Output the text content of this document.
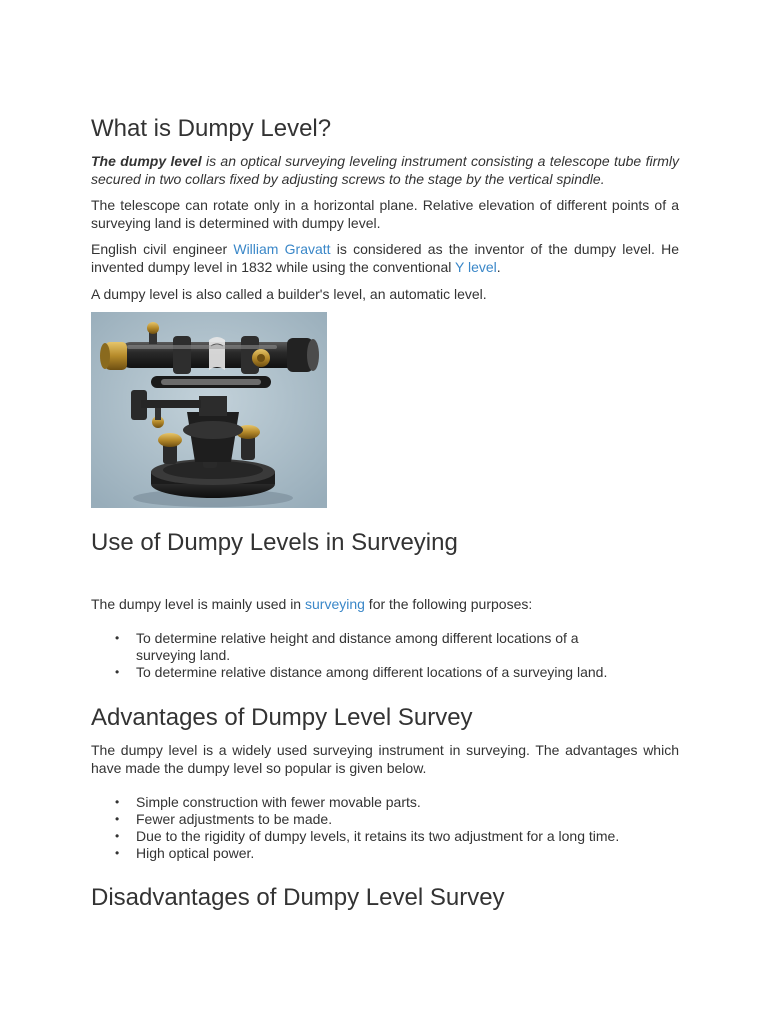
What is Dumpy Level?

The dumpy level is an optical surveying leveling instrument consisting a telescope tube firmly secured in two collars fixed by adjusting screws to the stage by the vertical spindle.

The telescope can rotate only in a horizontal plane. Relative elevation of different points of a surveying land is determined with dumpy level.

English civil engineer William Gravatt is considered as the inventor of the dumpy level. He invented dumpy level in 1832 while using the conventional Y level.

A dumpy level is also called a builder's level, an automatic level.

Use of Dumpy Levels in Surveying

The dumpy level is mainly used in surveying for the following purposes:

• To determine relative height and distance among different locations of a surveying land.
• To determine relative distance among different locations of a surveying land.
Advantages of Dumpy Level Survey

The dumpy level is a widely used surveying instrument in surveying. The advantages which have made the dumpy level so popular is given below.

• Simple construction with fewer movable parts.
• Fewer adjustments to be made.
• Due to the rigidity of dumpy levels, it retains its two adjustment for a long time.
• High optical power.
Disadvantages of Dumpy Level Survey
